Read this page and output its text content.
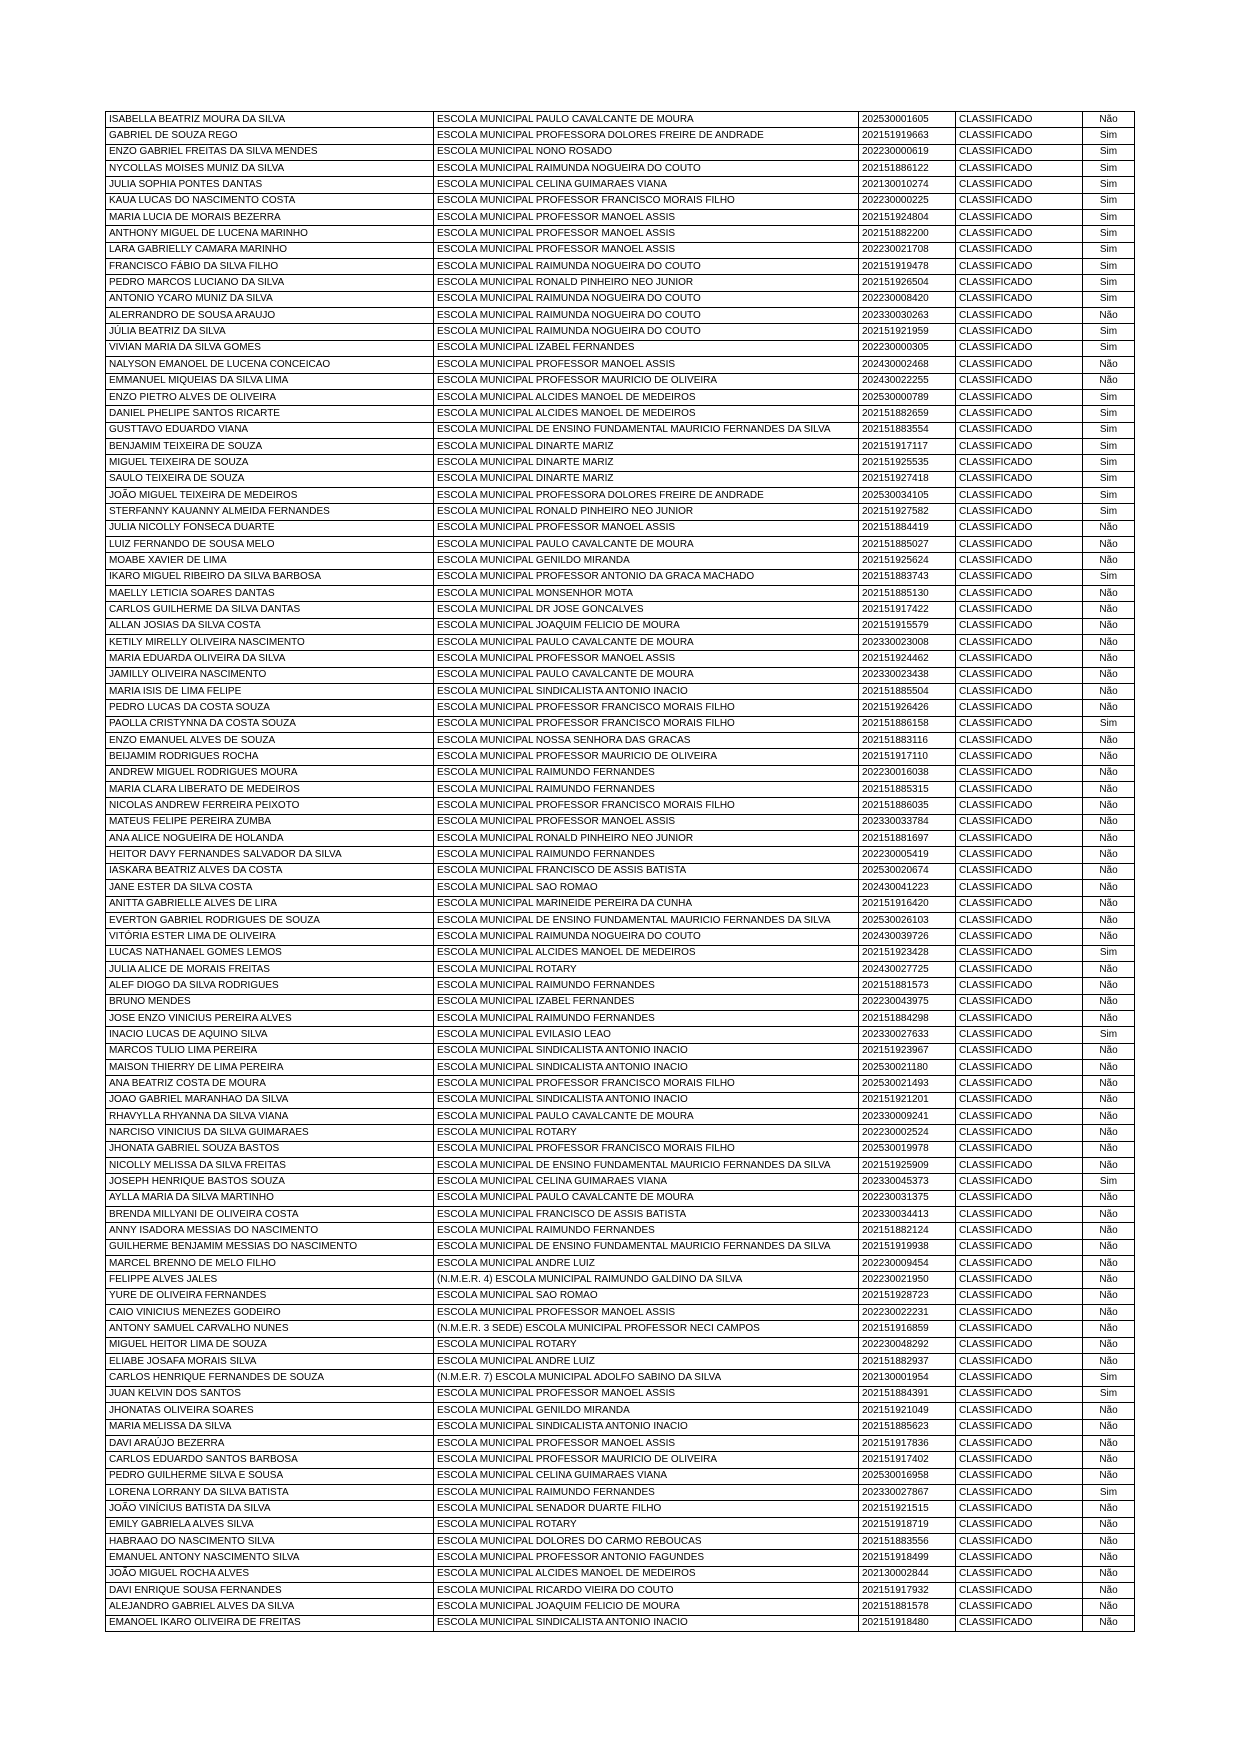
ISABELLA BEATRIZ MOURA DA SILVA	ESCOLA MUNICIPAL PAULO CAVALCANTE DE MOURA	202530001605	CLASSIFICADO	Não
GABRIEL DE SOUZA REGO	ESCOLA MUNICIPAL PROFESSORA DOLORES FREIRE DE ANDRADE	202151919663	CLASSIFICADO	Sim
ENZO GABRIEL FREITAS DA SILVA MENDES	ESCOLA MUNICIPAL NONO ROSADO	202230000619	CLASSIFICADO	Sim
NYCOLLAS MOISES MUNIZ DA SILVA	ESCOLA MUNICIPAL RAIMUNDA NOGUEIRA DO COUTO	202151886122	CLASSIFICADO	Sim
JULIA SOPHIA PONTES DANTAS	ESCOLA MUNICIPAL CELINA GUIMARAES VIANA	202130010274	CLASSIFICADO	Sim
KAUA LUCAS DO NASCIMENTO COSTA	ESCOLA MUNICIPAL PROFESSOR FRANCISCO MORAIS FILHO	202230000225	CLASSIFICADO	Sim
MARIA LUCIA DE MORAIS BEZERRA	ESCOLA MUNICIPAL PROFESSOR MANOEL ASSIS	202151924804	CLASSIFICADO	Sim
ANTHONY MIGUEL DE LUCENA MARINHO	ESCOLA MUNICIPAL PROFESSOR MANOEL ASSIS	202151882200	CLASSIFICADO	Sim
LARA GABRIELLY CAMARA MARINHO	ESCOLA MUNICIPAL PROFESSOR MANOEL ASSIS	202230021708	CLASSIFICADO	Sim
FRANCISCO FÁBIO DA SILVA FILHO	ESCOLA MUNICIPAL RAIMUNDA NOGUEIRA DO COUTO	202151919478	CLASSIFICADO	Sim
PEDRO MARCOS LUCIANO DA SILVA	ESCOLA MUNICIPAL RONALD PINHEIRO NEO JUNIOR	202151926504	CLASSIFICADO	Sim
ANTONIO YCARO MUNIZ DA SILVA	ESCOLA MUNICIPAL RAIMUNDA NOGUEIRA DO COUTO	202230008420	CLASSIFICADO	Sim
ALERRANDRO DE SOUSA ARAUJO	ESCOLA MUNICIPAL RAIMUNDA NOGUEIRA DO COUTO	202330030263	CLASSIFICADO	Não
JÚLIA BEATRIZ DA SILVA	ESCOLA MUNICIPAL RAIMUNDA NOGUEIRA DO COUTO	202151921959	CLASSIFICADO	Sim
VIVIAN MARIA DA SILVA GOMES	ESCOLA MUNICIPAL IZABEL FERNANDES	202230000305	CLASSIFICADO	Sim
NALYSON EMANOEL DE LUCENA CONCEICAO	ESCOLA MUNICIPAL PROFESSOR MANOEL ASSIS	202430002468	CLASSIFICADO	Não
EMMANUEL MIQUEIAS DA SILVA LIMA	ESCOLA MUNICIPAL PROFESSOR MAURICIO DE OLIVEIRA	202430022255	CLASSIFICADO	Não
ENZO PIETRO ALVES DE OLIVEIRA	ESCOLA MUNICIPAL ALCIDES MANOEL DE MEDEIROS	202530000789	CLASSIFICADO	Sim
DANIEL PHELIPE SANTOS RICARTE	ESCOLA MUNICIPAL ALCIDES MANOEL DE MEDEIROS	202151882659	CLASSIFICADO	Sim
GUSTTAVO EDUARDO VIANA	ESCOLA MUNICIPAL DE ENSINO FUNDAMENTAL MAURICIO FERNANDES DA SILVA	202151883554	CLASSIFICADO	Sim
BENJAMIM TEIXEIRA DE SOUZA	ESCOLA MUNICIPAL DINARTE MARIZ	202151917117	CLASSIFICADO	Sim
MIGUEL TEIXEIRA DE SOUZA	ESCOLA MUNICIPAL DINARTE MARIZ	202151925535	CLASSIFICADO	Sim
SAULO TEIXEIRA DE SOUZA	ESCOLA MUNICIPAL DINARTE MARIZ	202151927418	CLASSIFICADO	Sim
JOÃO MIGUEL TEIXEIRA DE MEDEIROS	ESCOLA MUNICIPAL PROFESSORA DOLORES FREIRE DE ANDRADE	202530034105	CLASSIFICADO	Sim
STERFANNY KAUANNY ALMEIDA FERNANDES	ESCOLA MUNICIPAL RONALD PINHEIRO NEO JUNIOR	202151927582	CLASSIFICADO	Sim
JULIA NICOLLY FONSECA DUARTE	ESCOLA MUNICIPAL PROFESSOR MANOEL ASSIS	202151884419	CLASSIFICADO	Não
LUIZ FERNANDO DE SOUSA MELO	ESCOLA MUNICIPAL PAULO CAVALCANTE DE MOURA	202151885027	CLASSIFICADO	Não
MOABE XAVIER DE LIMA	ESCOLA MUNICIPAL GENILDO MIRANDA	202151925624	CLASSIFICADO	Não
IKARO MIGUEL RIBEIRO DA SILVA BARBOSA	ESCOLA MUNICIPAL PROFESSOR ANTONIO DA GRACA MACHADO	202151883743	CLASSIFICADO	Sim
MAELLY LETICIA SOARES DANTAS	ESCOLA MUNICIPAL MONSENHOR MOTA	202151885130	CLASSIFICADO	Não
CARLOS GUILHERME DA SILVA DANTAS	ESCOLA MUNICIPAL DR JOSE GONCALVES	202151917422	CLASSIFICADO	Não
ALLAN JOSIAS DA SILVA COSTA	ESCOLA MUNICIPAL JOAQUIM FELICIO DE MOURA	202151915579	CLASSIFICADO	Não
KETILY MIRELLY OLIVEIRA NASCIMENTO	ESCOLA MUNICIPAL PAULO CAVALCANTE DE MOURA	202330023008	CLASSIFICADO	Não
MARIA EDUARDA OLIVEIRA DA SILVA	ESCOLA MUNICIPAL PROFESSOR MANOEL ASSIS	202151924462	CLASSIFICADO	Não
JAMILLY OLIVEIRA NASCIMENTO	ESCOLA MUNICIPAL PAULO CAVALCANTE DE MOURA	202330023438	CLASSIFICADO	Não
MARIA ISIS DE LIMA FELIPE	ESCOLA MUNICIPAL SINDICALISTA ANTONIO INACIO	202151885504	CLASSIFICADO	Não
PEDRO LUCAS DA COSTA SOUZA	ESCOLA MUNICIPAL PROFESSOR FRANCISCO MORAIS FILHO	202151926426	CLASSIFICADO	Não
PAOLLA CRISTYNNA DA COSTA SOUZA	ESCOLA MUNICIPAL PROFESSOR FRANCISCO MORAIS FILHO	202151886158	CLASSIFICADO	Sim
ENZO EMANUEL ALVES DE SOUZA	ESCOLA MUNICIPAL NOSSA SENHORA DAS GRACAS	202151883116	CLASSIFICADO	Não
BEIJAMIM RODRIGUES ROCHA	ESCOLA MUNICIPAL PROFESSOR MAURICIO DE OLIVEIRA	202151917110	CLASSIFICADO	Não
ANDREW MIGUEL RODRIGUES MOURA	ESCOLA MUNICIPAL RAIMUNDO FERNANDES	202230016038	CLASSIFICADO	Não
MARIA CLARA LIBERATO DE MEDEIROS	ESCOLA MUNICIPAL RAIMUNDO FERNANDES	202151885315	CLASSIFICADO	Não
NICOLAS ANDREW FERREIRA PEIXOTO	ESCOLA MUNICIPAL PROFESSOR FRANCISCO MORAIS FILHO	202151886035	CLASSIFICADO	Não
MATEUS FELIPE PEREIRA ZUMBA	ESCOLA MUNICIPAL PROFESSOR MANOEL ASSIS	202330033784	CLASSIFICADO	Não
ANA ALICE NOGUEIRA DE HOLANDA	ESCOLA MUNICIPAL RONALD PINHEIRO NEO JUNIOR	202151881697	CLASSIFICADO	Não
HEITOR DAVY FERNANDES SALVADOR DA SILVA	ESCOLA MUNICIPAL RAIMUNDO FERNANDES	202230005419	CLASSIFICADO	Não
IASKARA BEATRIZ ALVES DA COSTA	ESCOLA MUNICIPAL FRANCISCO DE ASSIS BATISTA	202530020674	CLASSIFICADO	Não
JANE ESTER DA SILVA COSTA	ESCOLA MUNICIPAL SAO ROMAO	202430041223	CLASSIFICADO	Não
ANITTA GABRIELLE ALVES DE LIRA	ESCOLA MUNICIPAL MARINEIDE PEREIRA DA CUNHA	202151916420	CLASSIFICADO	Não
EVERTON GABRIEL RODRIGUES DE SOUZA	ESCOLA MUNICIPAL DE ENSINO FUNDAMENTAL MAURICIO FERNANDES DA SILVA	202530026103	CLASSIFICADO	Não
VITÓRIA ESTER LIMA DE OLIVEIRA	ESCOLA MUNICIPAL RAIMUNDA NOGUEIRA DO COUTO	202430039726	CLASSIFICADO	Não
LUCAS NATHANAEL GOMES LEMOS	ESCOLA MUNICIPAL ALCIDES MANOEL DE MEDEIROS	202151923428	CLASSIFICADO	Sim
JULIA ALICE DE MORAIS FREITAS	ESCOLA MUNICIPAL ROTARY	202430027725	CLASSIFICADO	Não
ALEF DIOGO DA SILVA RODRIGUES	ESCOLA MUNICIPAL RAIMUNDO FERNANDES	202151881573	CLASSIFICADO	Não
BRUNO MENDES	ESCOLA MUNICIPAL IZABEL FERNANDES	202230043975	CLASSIFICADO	Não
JOSE ENZO VINICIUS PEREIRA ALVES	ESCOLA MUNICIPAL RAIMUNDO FERNANDES	202151884298	CLASSIFICADO	Não
INACIO LUCAS DE AQUINO SILVA	ESCOLA MUNICIPAL EVILASIO LEAO	202330027633	CLASSIFICADO	Sim
MARCOS TULIO LIMA PEREIRA	ESCOLA MUNICIPAL SINDICALISTA ANTONIO INACIO	202151923967	CLASSIFICADO	Não
MAISON THIERRY DE LIMA PEREIRA	ESCOLA MUNICIPAL SINDICALISTA ANTONIO INACIO	202530021180	CLASSIFICADO	Não
ANA BEATRIZ COSTA DE MOURA	ESCOLA MUNICIPAL PROFESSOR FRANCISCO MORAIS FILHO	202530021493	CLASSIFICADO	Não
JOAO GABRIEL MARANHAO DA SILVA	ESCOLA MUNICIPAL SINDICALISTA ANTONIO INACIO	202151921201	CLASSIFICADO	Não
RHAVYLLA RHYANNA DA SILVA VIANA	ESCOLA MUNICIPAL PAULO CAVALCANTE DE MOURA	202330009241	CLASSIFICADO	Não
NARCISO VINICIUS DA SILVA GUIMARAES	ESCOLA MUNICIPAL ROTARY	202230002524	CLASSIFICADO	Não
JHONATA GABRIEL SOUZA BASTOS	ESCOLA MUNICIPAL PROFESSOR FRANCISCO MORAIS FILHO	202530019978	CLASSIFICADO	Não
NICOLLY MELISSA DA SILVA FREITAS	ESCOLA MUNICIPAL DE ENSINO FUNDAMENTAL MAURICIO FERNANDES DA SILVA	202151925909	CLASSIFICADO	Não
JOSEPH HENRIQUE BASTOS SOUZA	ESCOLA MUNICIPAL CELINA GUIMARAES VIANA	202330045373	CLASSIFICADO	Sim
AYLLA MARIA DA SILVA MARTINHO	ESCOLA MUNICIPAL PAULO CAVALCANTE DE MOURA	202230031375	CLASSIFICADO	Não
BRENDA MILLYANI DE OLIVEIRA COSTA	ESCOLA MUNICIPAL FRANCISCO DE ASSIS BATISTA	202330034413	CLASSIFICADO	Não
ANNY ISADORA MESSIAS DO NASCIMENTO	ESCOLA MUNICIPAL RAIMUNDO FERNANDES	202151882124	CLASSIFICADO	Não
GUILHERME BENJAMIM MESSIAS DO NASCIMENTO	ESCOLA MUNICIPAL DE ENSINO FUNDAMENTAL MAURICIO FERNANDES DA SILVA	202151919938	CLASSIFICADO	Não
MARCEL BRENNO DE MELO FILHO	ESCOLA MUNICIPAL ANDRE LUIZ	202230009454	CLASSIFICADO	Não
FELIPPE ALVES JALES	(N.M.E.R. 4) ESCOLA MUNICIPAL RAIMUNDO GALDINO DA SILVA	202230021950	CLASSIFICADO	Não
YURE DE OLIVEIRA FERNANDES	ESCOLA MUNICIPAL SAO ROMAO	202151928723	CLASSIFICADO	Não
CAIO VINICIUS MENEZES GODEIRO	ESCOLA MUNICIPAL PROFESSOR MANOEL ASSIS	202230022231	CLASSIFICADO	Não
ANTONY SAMUEL CARVALHO NUNES	(N.M.E.R. 3 SEDE) ESCOLA MUNICIPAL PROFESSOR NECI CAMPOS	202151916859	CLASSIFICADO	Não
MIGUEL HEITOR LIMA DE SOUZA	ESCOLA MUNICIPAL ROTARY	202230048292	CLASSIFICADO	Não
ELIABE JOSAFA MORAIS SILVA	ESCOLA MUNICIPAL ANDRE LUIZ	202151882937	CLASSIFICADO	Não
CARLOS HENRIQUE FERNANDES DE SOUZA	(N.M.E.R. 7) ESCOLA MUNICIPAL ADOLFO SABINO DA SILVA	202130001954	CLASSIFICADO	Sim
JUAN KELVIN DOS SANTOS	ESCOLA MUNICIPAL PROFESSOR MANOEL ASSIS	202151884391	CLASSIFICADO	Sim
JHONATAS OLIVEIRA SOARES	ESCOLA MUNICIPAL GENILDO MIRANDA	202151921049	CLASSIFICADO	Não
MARIA MELISSA DA SILVA	ESCOLA MUNICIPAL SINDICALISTA ANTONIO INACIO	202151885623	CLASSIFICADO	Não
DAVI ARAÚJO BEZERRA	ESCOLA MUNICIPAL PROFESSOR MANOEL ASSIS	202151917836	CLASSIFICADO	Não
CARLOS EDUARDO SANTOS BARBOSA	ESCOLA MUNICIPAL PROFESSOR MAURICIO DE OLIVEIRA	202151917402	CLASSIFICADO	Não
PEDRO GUILHERME SILVA E SOUSA	ESCOLA MUNICIPAL CELINA GUIMARAES VIANA	202530016958	CLASSIFICADO	Não
LORENA LORRANY DA SILVA BATISTA	ESCOLA MUNICIPAL RAIMUNDO FERNANDES	202330027867	CLASSIFICADO	Sim
JOÃO VINÍCIUS BATISTA DA SILVA	ESCOLA MUNICIPAL SENADOR DUARTE FILHO	202151921515	CLASSIFICADO	Não
EMILY GABRIELA ALVES SILVA	ESCOLA MUNICIPAL ROTARY	202151918719	CLASSIFICADO	Não
HABRAAO DO NASCIMENTO SILVA	ESCOLA MUNICIPAL DOLORES DO CARMO REBOUCAS	202151883556	CLASSIFICADO	Não
EMANUEL ANTONY NASCIMENTO SILVA	ESCOLA MUNICIPAL PROFESSOR ANTONIO FAGUNDES	202151918499	CLASSIFICADO	Não
JOÃO MIGUEL ROCHA ALVES	ESCOLA MUNICIPAL ALCIDES MANOEL DE MEDEIROS	202130002844	CLASSIFICADO	Não
DAVI ENRIQUE SOUSA FERNANDES	ESCOLA MUNICIPAL RICARDO VIEIRA DO COUTO	202151917932	CLASSIFICADO	Não
ALEJANDRO GABRIEL ALVES DA SILVA	ESCOLA MUNICIPAL JOAQUIM FELICIO DE MOURA	202151881578	CLASSIFICADO	Não
EMANOEL IKARO OLIVEIRA DE FREITAS	ESCOLA MUNICIPAL SINDICALISTA ANTONIO INACIO	202151918480	CLASSIFICADO	Não
